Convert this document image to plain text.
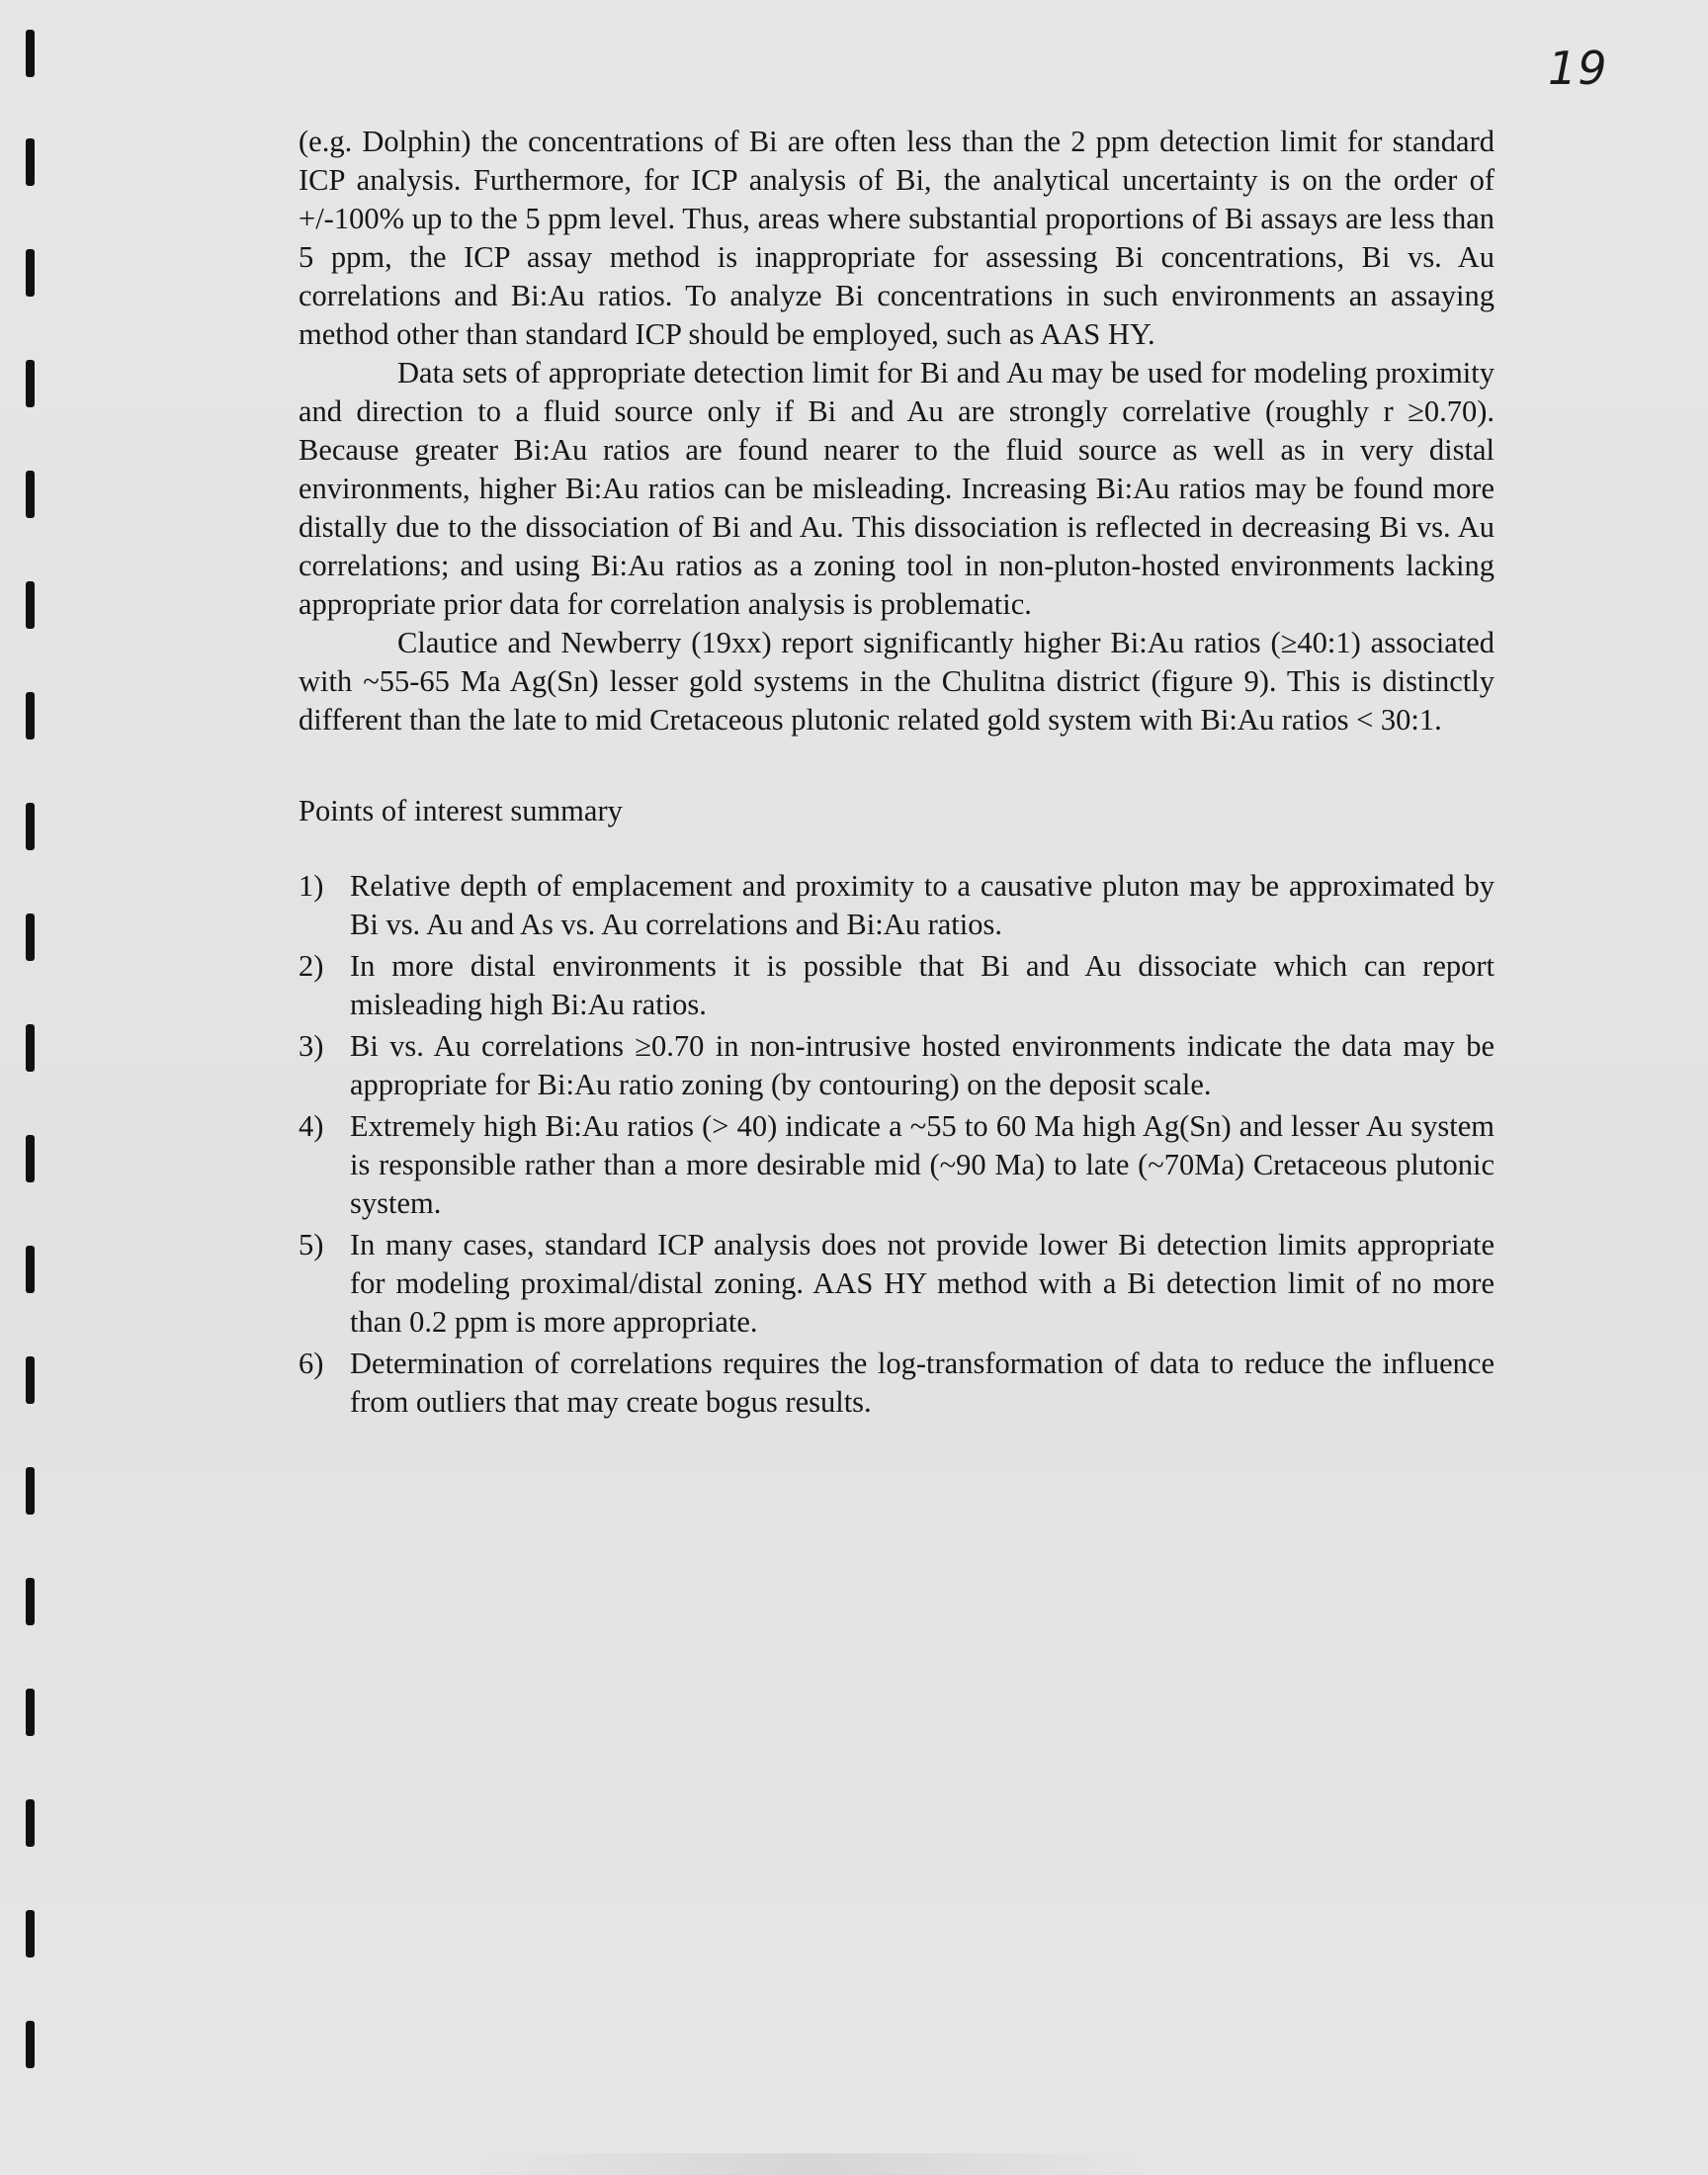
19

(e.g. Dolphin) the concentrations of Bi are often less than the 2 ppm detection limit for standard ICP analysis. Furthermore, for ICP analysis of Bi, the analytical uncertainty is on the order of +/-100% up to the 5 ppm level. Thus, areas where substantial proportions of Bi assays are less than 5 ppm, the ICP assay method is inappropriate for assessing Bi concentrations, Bi vs. Au correlations and Bi:Au ratios. To analyze Bi concentrations in such environments an assaying method other than standard ICP should be employed, such as AAS HY.

Data sets of appropriate detection limit for Bi and Au may be used for modeling proximity and direction to a fluid source only if Bi and Au are strongly correlative (roughly r ≥0.70). Because greater Bi:Au ratios are found nearer to the fluid source as well as in very distal environments, higher Bi:Au ratios can be misleading. Increasing Bi:Au ratios may be found more distally due to the dissociation of Bi and Au. This dissociation is reflected in decreasing Bi vs. Au correlations; and using Bi:Au ratios as a zoning tool in non-pluton-hosted environments lacking appropriate prior data for correlation analysis is problematic.

Clautice and Newberry (19xx) report significantly higher Bi:Au ratios (≥40:1) associated with ~55-65 Ma Ag(Sn) lesser gold systems in the Chulitna district (figure 9). This is distinctly different than the late to mid Cretaceous plutonic related gold system with Bi:Au ratios < 30:1.

Points of interest summary
1) Relative depth of emplacement and proximity to a causative pluton may be approximated by Bi vs. Au and As vs. Au correlations and Bi:Au ratios.
2) In more distal environments it is possible that Bi and Au dissociate which can report misleading high Bi:Au ratios.
3) Bi vs. Au correlations ≥0.70 in non-intrusive hosted environments indicate the data may be appropriate for Bi:Au ratio zoning (by contouring) on the deposit scale.
4) Extremely high Bi:Au ratios (> 40) indicate a ~55 to 60 Ma high Ag(Sn) and lesser Au system is responsible rather than a more desirable mid (~90 Ma) to late (~70Ma) Cretaceous plutonic system.
5) In many cases, standard ICP analysis does not provide lower Bi detection limits appropriate for modeling proximal/distal zoning. AAS HY method with a Bi detection limit of no more than 0.2 ppm is more appropriate.
6) Determination of correlations requires the log-transformation of data to reduce the influence from outliers that may create bogus results.
